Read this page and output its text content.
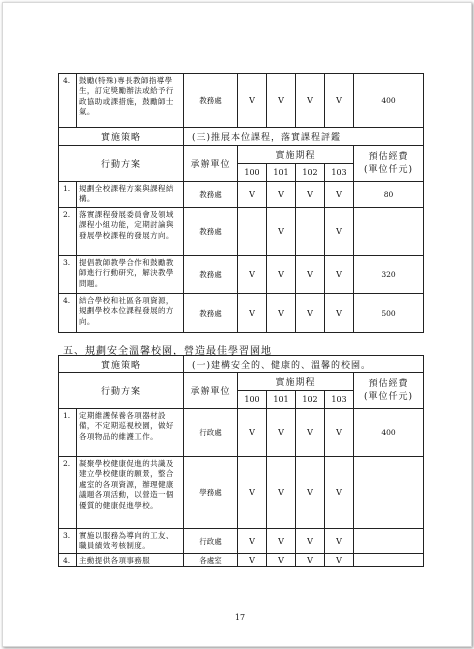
4.	鼓勵(特殊)專長教師指導學生，訂定獎勵辦法或給予行政協助或課措施，鼓勵師士氣。	教務處	V	V	V	V	400
實施策略		(三)推展本位課程，落實課程評鑑					
行動方案		承辦單位	實施期程				預估經費
(單位仟元)
			100	101	102	103	
1.	規劃全校課程方案與課程結構。	教務處	V	V	V	V	80
2.	落實課程發展委員會及領域課程小組功能，定期討論與發展學校課程的發展方向。	教務處		V		V	
3.	提倡教師教學合作和鼓勵教師進行行動研究，解決教學問題。	教務處	V	V	V	V	320
4.	結合學校和社區各項資源，規劃學校本位課程發展的方向。	教務處	V	V	V	V	500
五、規劃安全溫馨校園，營造最佳學習園地
實施策略		(一)建構安全的、健康的、溫馨的校園。					
行動方案		承辦單位	實施期程				預估經費
(單位仟元)
			100	101	102	103	
1.	定期維護保養各項器材設備，不定期巡視校園，做好各項物品的維護工作。	行政處	V	V	V	V	400
2.	凝聚學校健康促進的共識及建立學校健康的願景，整合處室的各項資源，辦理健康議題各項活動，以營造一個優質的健康促進學校。	學務處	V	V	V	V	
3.	實施以服務為導向的工友、職員績效考核制度。	行政處	V	V	V	V	
4.	主動提供各項事務服	各處室	V	V	V	V	
17
